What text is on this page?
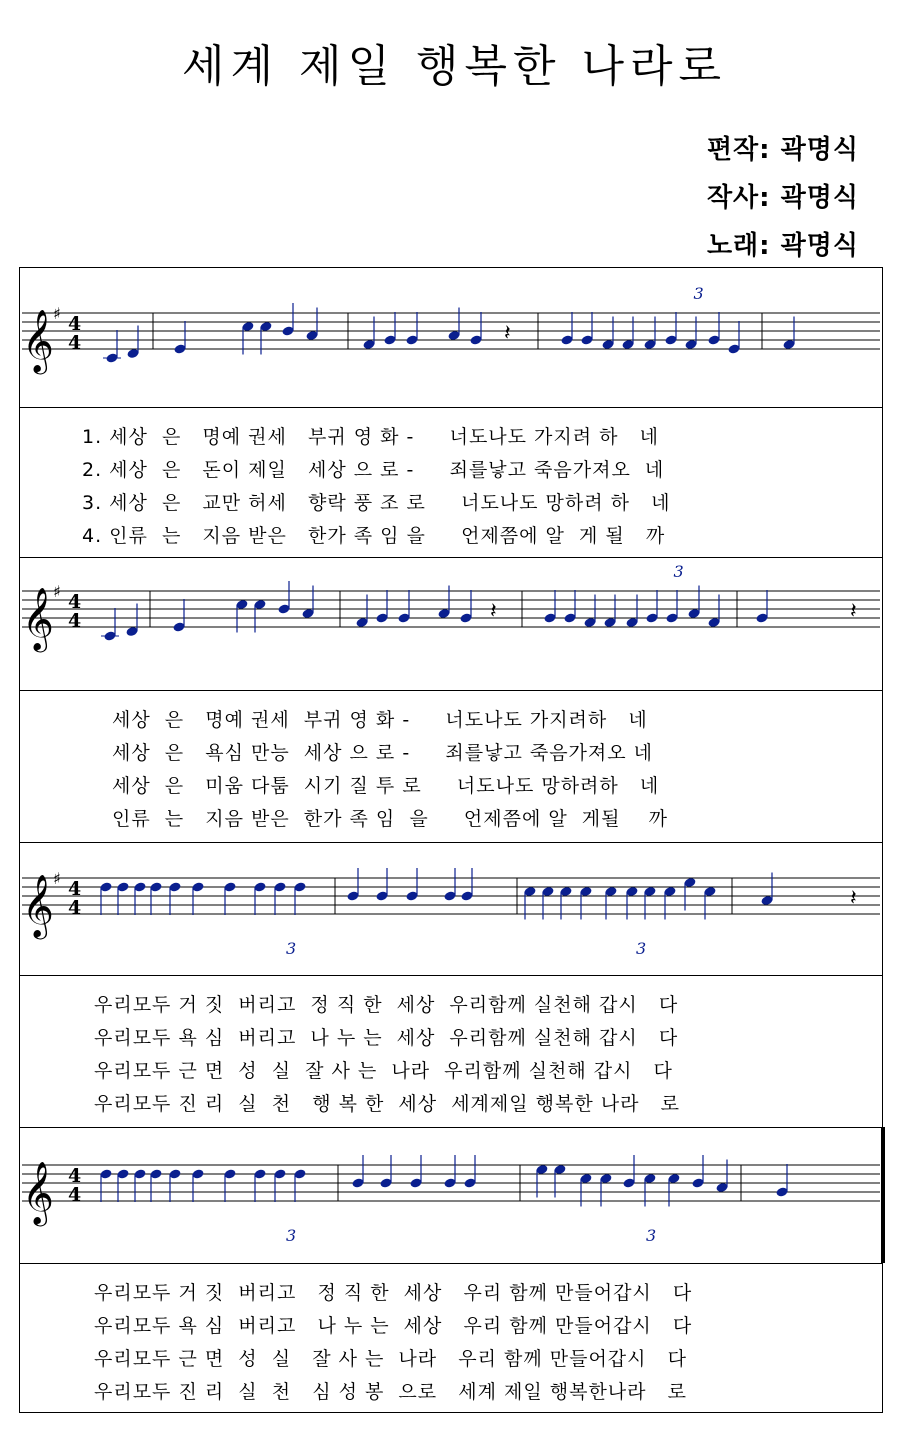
세계 제일 행복한 나라로
편작: 곽명식
작사: 곽명식
노래: 곽명식
𝄞 ♯ 4
4	𝄽
3
1. 세상  은   명예 권세   부귀 영 화 -     너도나도 가지려 하   네
2. 세상  은   돈이 제일   세상 으 로 -     죄를낳고 죽음가져오  네
3. 세상  은   교만 허세   향락 풍 조 로     너도나도 망하려 하   네
4. 인류  는   지음 받은   한가 족 임 을     언제쯤에 알  게 될   까
𝄞 ♯ 4
4	𝄽	𝄽
3
세상  은   명예 권세  부귀 영 화 -     너도나도 가지려하   네
세상  은   욕심 만능  세상 으 로 -     죄를낳고 죽음가져오 네
세상  은   미움 다툼  시기 질 투 로     너도나도 망하려하   네
인류  는   지음 받은  한가 족 임  을     언제쯤에 알  게될    까
𝄞 ♯ 4
4	𝄽
3	3
우리모두 거 짓  버리고  정 직 한  세상  우리함께 실천해 갑시   다
우리모두 욕 심  버리고  나 누 는  세상  우리함께 실천해 갑시   다
우리모두 근 면  성  실  잘 사 는  나라  우리함께 실천해 갑시   다
우리모두 진 리  실  천   행 복 한  세상  세계제일 행복한 나라   로
𝄞 4
4
3	3
우리모두 거 짓  버리고   정 직 한  세상   우리 함께 만들어갑시   다
우리모두 욕 심  버리고   나 누 는  세상   우리 함께 만들어갑시   다
우리모두 근 면  성  실   잘 사 는  나라   우리 함께 만들어갑시   다
우리모두 진 리  실  천   심 성 봉  으로   세계 제일 행복한나라   로
